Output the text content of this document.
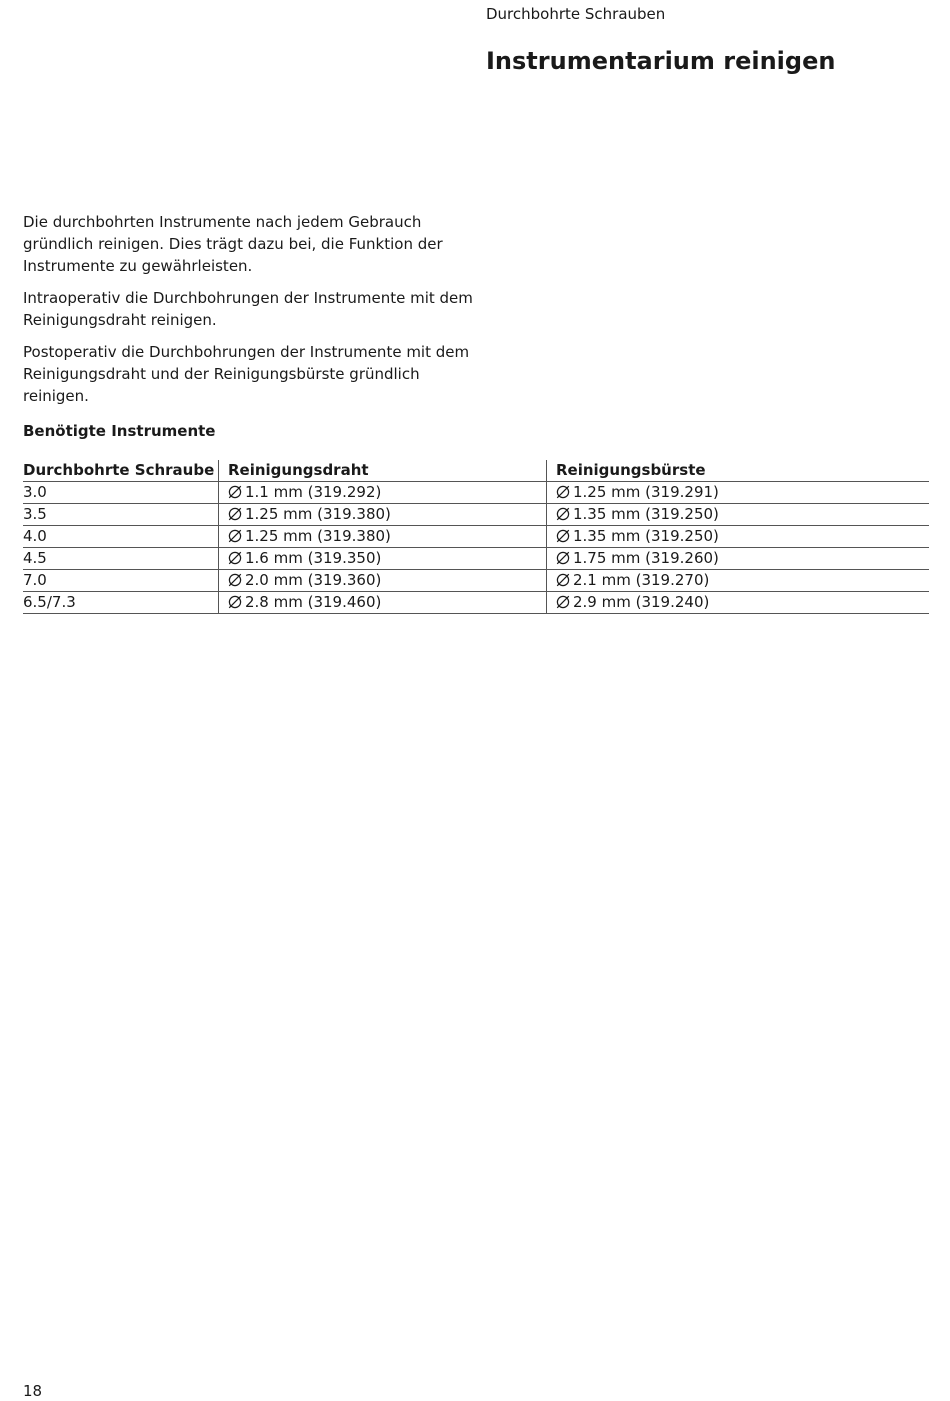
Durchbohrte Schrauben
Instrumentarium reinigen

Die durchbohrten Instrumente nach jedem Gebrauch gründlich reinigen. Dies trägt dazu bei, die Funktion der Instrumente zu gewährleisten.

Intraoperativ die Durchbohrungen der Instrumente mit dem Reinigungsdraht reinigen.

Postoperativ die Durchbohrungen der Instrumente mit dem Reinigungsdraht und der Reinigungsbürste gründlich reinigen.

Benötigte Instrumente
Durchbohrte Schraube	Reinigungsdraht	Reinigungsbürste
3.0	1.1 mm (319.292)	1.25 mm (319.291)
3.5	1.25 mm (319.380)	1.35 mm (319.250)
4.0	1.25 mm (319.380)	1.35 mm (319.250)
4.5	1.6 mm (319.350)	1.75 mm (319.260)
7.0	2.0 mm (319.360)	2.1 mm (319.270)
6.5/7.3	2.8 mm (319.460)	2.9 mm (319.240)
18
